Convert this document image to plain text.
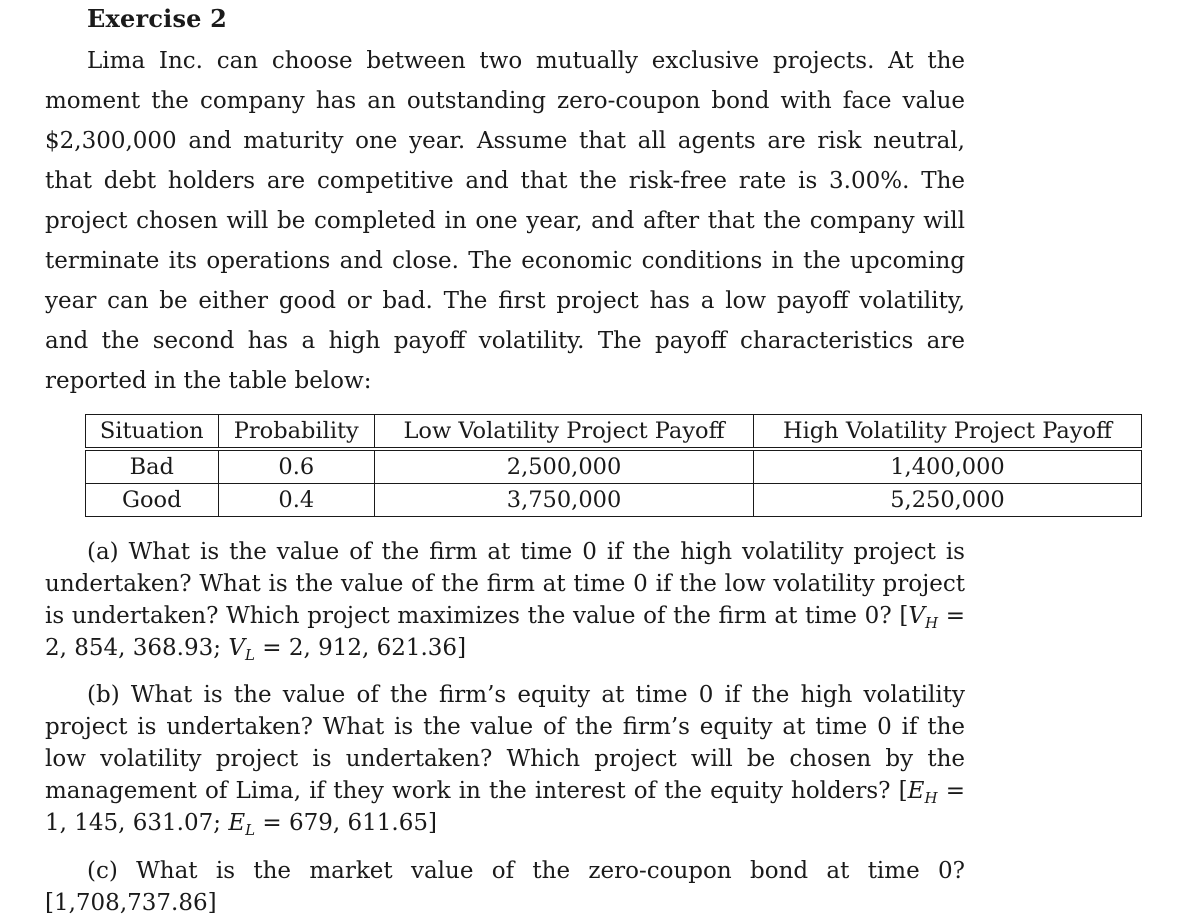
Exercise 2

Lima Inc. can choose between two mutually exclusive projects. At the moment the company has an outstanding zero-coupon bond with face value $2,300,000 and maturity one year. Assume that all agents are risk neutral, that debt holders are competitive and that the risk-free rate is 3.00%. The project chosen will be completed in one year, and after that the company will terminate its operations and close. The economic conditions in the upcoming year can be either good or bad. The first project has a low payoff volatility, and the second has a high payoff volatility. The payoff characteristics are reported in the table below:

Situation	Probability	Low Volatility Project Payoff	High Volatility Project Payoff
Bad	0.6	2,500,000	1,400,000
Good	0.4	3,750,000	5,250,000

(a) What is the value of the firm at time 0 if the high volatility project is undertaken? What is the value of the firm at time 0 if the low volatility project is undertaken? Which project maximizes the value of the firm at time 0? [$V_H = 2$, 854, 368.93; $V_L = 2$, 912, 621.36]

(b) What is the value of the firm’s equity at time 0 if the high volatility project is undertaken? What is the value of the firm’s equity at time 0 if the low volatility project is undertaken? Which project will be chosen by the management of Lima, if they work in the interest of the equity holders? [$E_H = 1$, 145, 631.07; $E_L = 679$, 611.65]

(c) What is the market value of the zero-coupon bond at time 0? [1,708,737.86]
